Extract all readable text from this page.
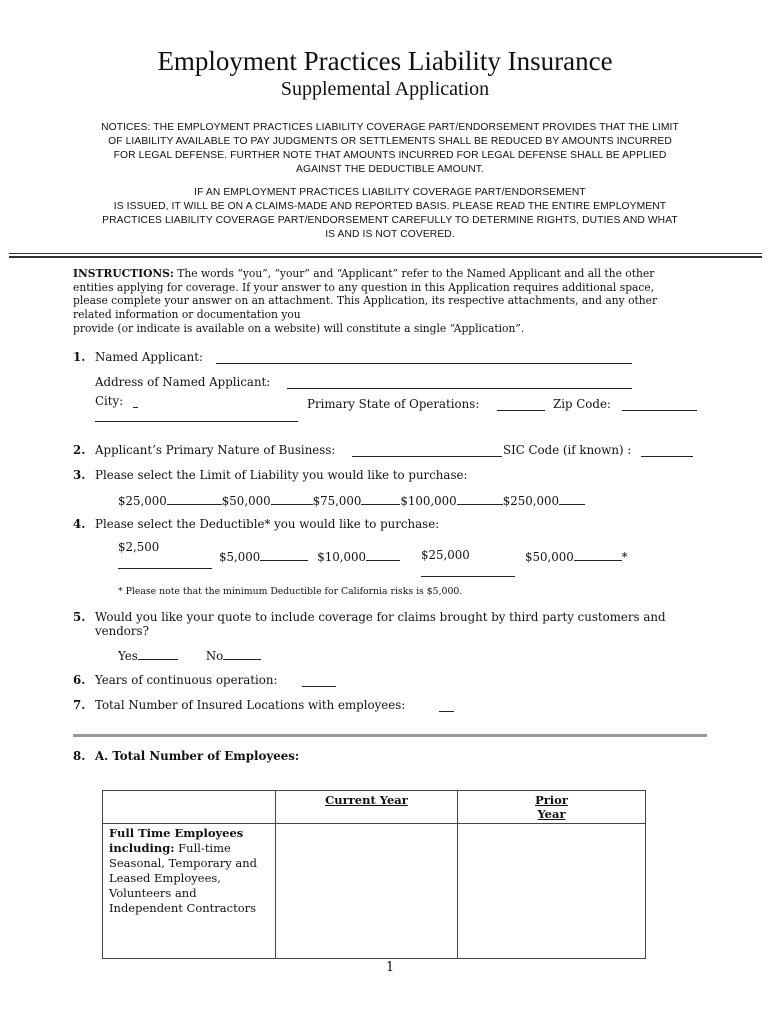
Employment Practices Liability Insurance
Supplemental Application
NOTICES: THE EMPLOYMENT PRACTICES LIABILITY COVERAGE PART/ENDORSEMENT PROVIDES THAT THE LIMIT
OF LIABILITY AVAILABLE TO PAY JUDGMENTS OR SETTLEMENTS SHALL BE REDUCED BY AMOUNTS INCURRED
FOR LEGAL DEFENSE. FURTHER NOTE THAT AMOUNTS INCURRED FOR LEGAL DEFENSE SHALL BE APPLIED
AGAINST THE DEDUCTIBLE AMOUNT.
IF AN EMPLOYMENT PRACTICES LIABILITY COVERAGE PART/ENDORSEMENT
IS ISSUED, IT WILL BE ON A CLAIMS-MADE AND REPORTED BASIS. PLEASE READ THE ENTIRE EMPLOYMENT
PRACTICES LIABILITY COVERAGE PART/ENDORSEMENT CAREFULLY TO DETERMINE RIGHTS, DUTIES AND WHAT
IS AND IS NOT COVERED.
INSTRUCTIONS: The words “you”, “your” and “Applicant” refer to the Named Applicant and all the other
entities applying for coverage. If your answer to any question in this Application requires additional space,
please complete your answer on an attachment. This Application, its respective attachments, and any other
related information or documentation you
provide (or indicate is available on a website) will constitute a single “Application”.
1. Named Applicant:
Address of Named Applicant:
City:	Primary State of Operations:	Zip Code:
2. Applicant’s Primary Nature of Business:	SIC Code (if known) :
3. Please select the Limit of Liability you would like to purchase:
$25,000	$50,000	$75,000	$100,000	$250,000
4. Please select the Deductible* you would like to purchase:
$2,500
$5,000	$10,000	$25,000	$50,000	*
* Please note that the minimum Deductible for California risks is $5,000.
5. Would you like your quote to include coverage for claims brought by third party customers and
vendors?
Yes	No
6. Years of continuous operation:
7. Total Number of Insured Locations with employees:
8. A. Total Number of Employees:
	Current Year	Prior Year

Full Time Employees including: Full-time Seasonal, Temporary and Leased Employees, Volunteers and Independent Contractors		
1
